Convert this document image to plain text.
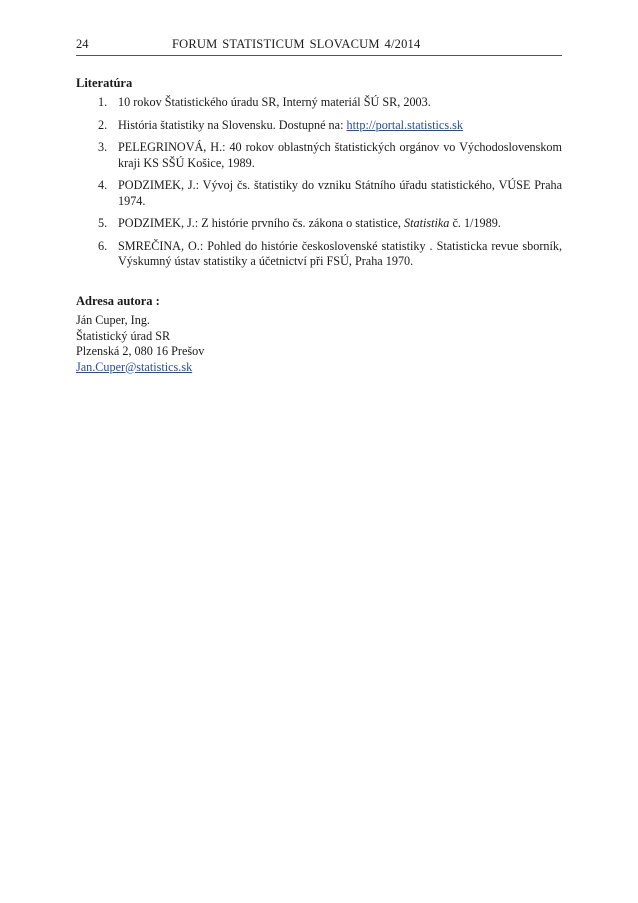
24	FORUM STATISTICUM SLOVACUM 4/2014
Literatúra
1. 10 rokov Štatistického úradu SR, Interný materiál ŠÚ SR, 2003.
2. História štatistiky na Slovensku. Dostupné na: http://portal.statistics.sk
3. PELEGRINOVÁ, H.: 40 rokov oblastných štatistických orgánov vo Východoslovenskom kraji KS SŠÚ Košice, 1989.
4. PODZIMEK, J.: Vývoj čs. štatistiky do vzniku Státního úřadu statistického, VÚSE Praha 1974.
5. PODZIMEK, J.: Z histórie prvního čs. zákona o statistice, Statistika č. 1/1989.
6. SMREČINA, O.: Pohled do histórie československé statistiky . Statisticka revue sborník, Výskumný ústav statistiky a účetnictví při FSÚ, Praha 1970.
Adresa autora :
Ján Cuper, Ing.
Štatistický úrad SR
Plzenská 2, 080 16 Prešov
Jan.Cuper@statistics.sk
